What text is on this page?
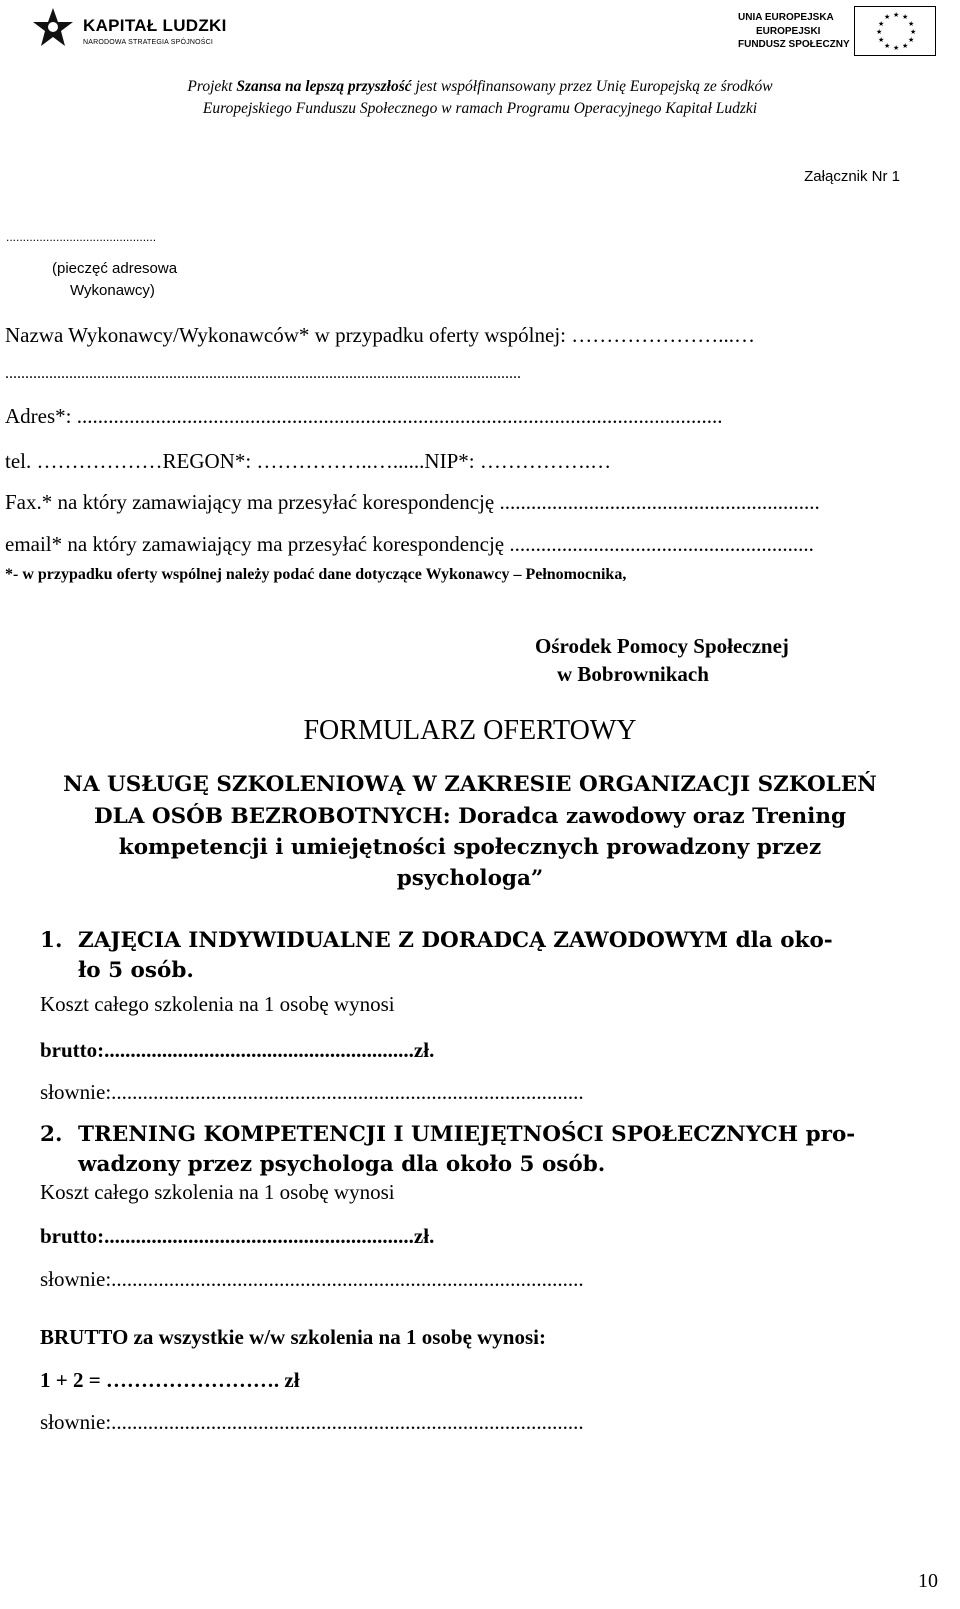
KAPITAŁ LUDZKI
NARODOWA STRATEGIA SPÓJNOŚCI
UNIA EUROPEJSKA
EUROPEJSKI
FUNDUSZ SPOŁECZNY
★ ★
★
★
★
★
★
★
★
★
★
★
Projekt Szansa na lepszą przyszłość jest współfinansowany przez Unię Europejską ze środków
Europejskiego Funduszu Społecznego w ramach Programu Operacyjnego Kapitał Ludzki
Załącznik Nr 1
.............................................
(pieczęć adresowa
Wykonawcy)
Nazwa Wykonawcy/Wykonawców* w przypadku oferty wspólnej: …………………...…
.................................................................................................................................
Adres*: ...........................................................................................................................
tel. ………………REGON*: ……………..…......NIP*: …………….…
Fax.* na który zamawiający ma przesyłać korespondencję .............................................................
email* na który zamawiający ma przesyłać korespondencję ..........................................................
*- w przypadku oferty wspólnej należy podać dane dotyczące Wykonawcy – Pełnomocnika,
Ośrodek Pomocy Społecznej
w Bobrownikach
FORMULARZ OFERTOWY
NA USŁUGĘ SZKOLENIOWĄ W ZAKRESIE ORGANIZACJI SZKOLEŃ
DLA OSÓB BEZROBOTNYCH: Doradca zawodowy oraz Trening
kompetencji i umiejętności społecznych prowadzony przez
psychologa”
1. ZAJĘCIA INDYWIDUALNE Z DORADCĄ ZAWODOWYM dla oko-
ło 5 osób.
Koszt całego szkolenia na 1 osobę wynosi
brutto:...........................................................zł.
słownie:..........................................................................................
2. TRENING KOMPETENCJI I UMIEJĘTNOŚCI SPOŁECZNYCH pro-
wadzony przez psychologa dla około 5 osób.
Koszt całego szkolenia na 1 osobę wynosi
brutto:...........................................................zł.
słownie:..........................................................................................
BRUTTO za wszystkie w/w szkolenia na 1 osobę wynosi:
1 + 2 = ……………………. zł
słownie:..........................................................................................
10
